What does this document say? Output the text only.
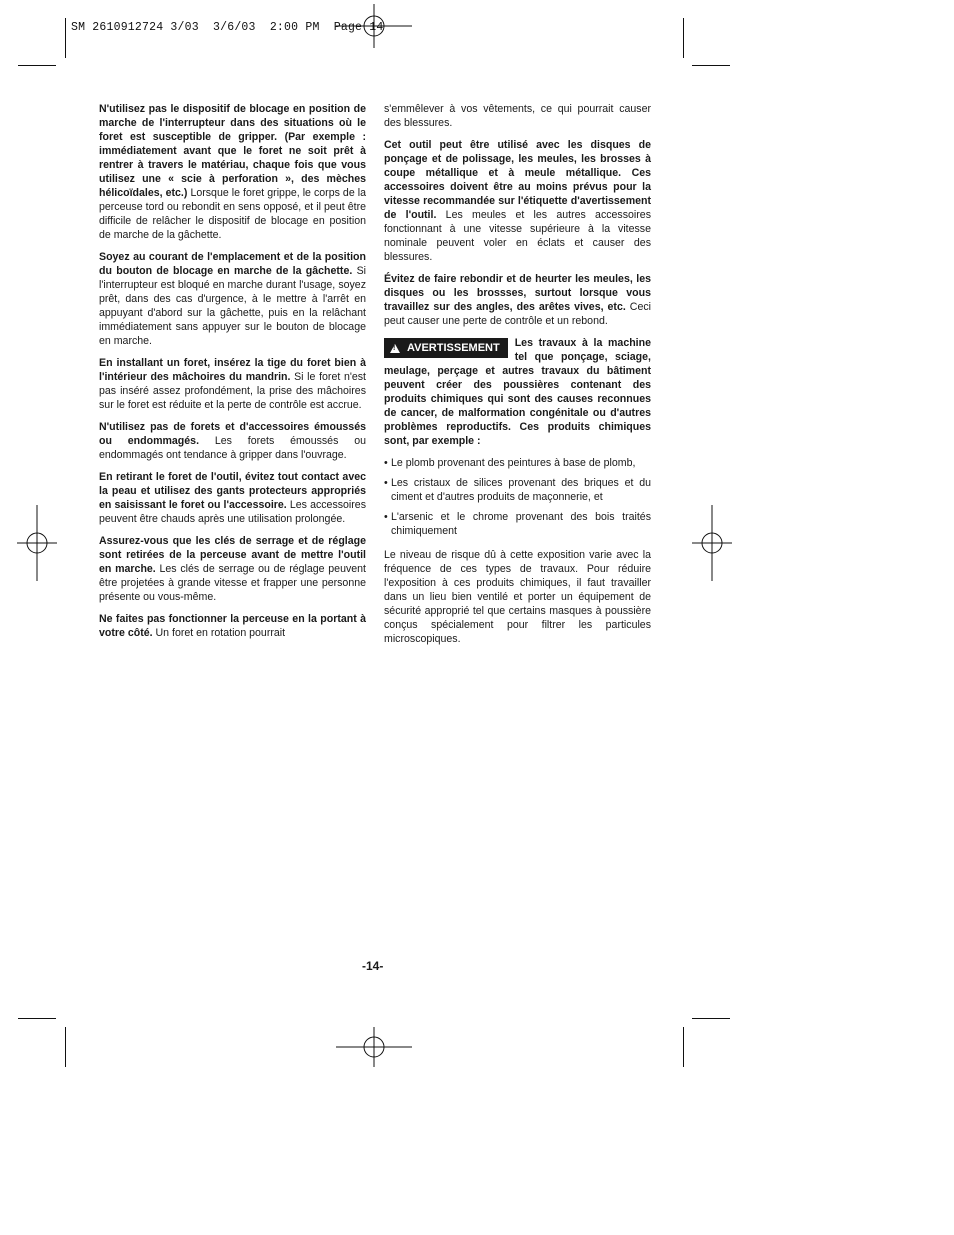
SM 2610912724 3/03  3/6/03  2:00 PM  Page 14

N'utilisez pas le dispositif de blocage en position de marche de l'interrupteur dans des situations où le foret est susceptible de gripper. (Par exemple : immédiatement avant que le foret ne soit prêt à rentrer à travers le matériau, chaque fois que vous utilisez une « scie à perforation », des mèches hélicoïdales, etc.) Lorsque le foret grippe, le corps de la perceuse tord ou rebondit en sens opposé, et il peut être difficile de relâcher le dispositif de blocage en position de marche de la gâchette.

Soyez au courant de l'emplacement et de la position du bouton de blocage en marche de la gâchette. Si l'interrupteur est bloqué en marche durant l'usage, soyez prêt, dans des cas d'urgence, à le mettre à l'arrêt en appuyant d'abord sur la gâchette, puis en la relâchant immédiatement sans appuyer sur le bouton de blocage en marche.

En installant un foret, insérez la tige du foret bien à l'intérieur des mâchoires du mandrin. Si le foret n'est pas inséré assez profondément, la prise des mâchoires sur le foret est réduite et la perte de contrôle est accrue.

N'utilisez pas de forets et d'accessoires émoussés ou endommagés. Les forets émoussés ou endommagés ont tendance à gripper dans l'ouvrage.

En retirant le foret de l'outil, évitez tout contact avec la peau et utilisez des gants protecteurs appropriés en saisissant le foret ou l'accessoire. Les accessoires peuvent être chauds après une utilisation prolongée.

Assurez-vous que les clés de serrage et de réglage sont retirées de la perceuse avant de mettre l'outil en marche. Les clés de serrage ou de réglage peuvent être projetées à grande vitesse et frapper une personne présente ou vous-même.

Ne faites pas fonctionner la perceuse en la portant à votre côté. Un foret en rotation pourrait

s'emmêlever à vos vêtements, ce qui pourrait causer des blessures.

Cet outil peut être utilisé avec les disques de ponçage et de polissage, les meules, les brosses à coupe métallique et à meule métallique. Ces accessoires doivent être au moins prévus pour la vitesse recommandée sur l'étiquette d'avertissement de l'outil. Les meules et les autres accessoires fonctionnant à une vitesse supérieure à la vitesse nominale peuvent voler en éclats et causer des blessures.

Évitez de faire rebondir et de heurter les meules, les disques ou les brossses, surtout lorsque vous travaillez sur des angles, des arêtes vives, etc. Ceci peut causer une perte de contrôle et un rebond.

!
AVERTISSEMENT Les travaux à la machine tel que ponçage, sciage, meulage, perçage et autres travaux du bâtiment peuvent créer des poussières contenant des produits chimiques qui sont des causes reconnues de cancer, de malformation congénitale ou d'autres problèmes reproductifs. Ces produits chimiques sont, par exemple :

• Le plomb provenant des peintures à base de plomb,
• Les cristaux de silices provenant des briques et du ciment et d'autres produits de maçonnerie, et
• L'arsenic et le chrome provenant des bois traités chimiquement

Le niveau de risque dû à cette exposition varie avec la fréquence de ces types de travaux. Pour réduire l'exposition à ces produits chimiques, il faut travailler dans un lieu bien ventilé et porter un équipement de sécurité approprié tel que certains masques à poussière conçus spécialement pour filtrer les particules microscopiques.

-14-
